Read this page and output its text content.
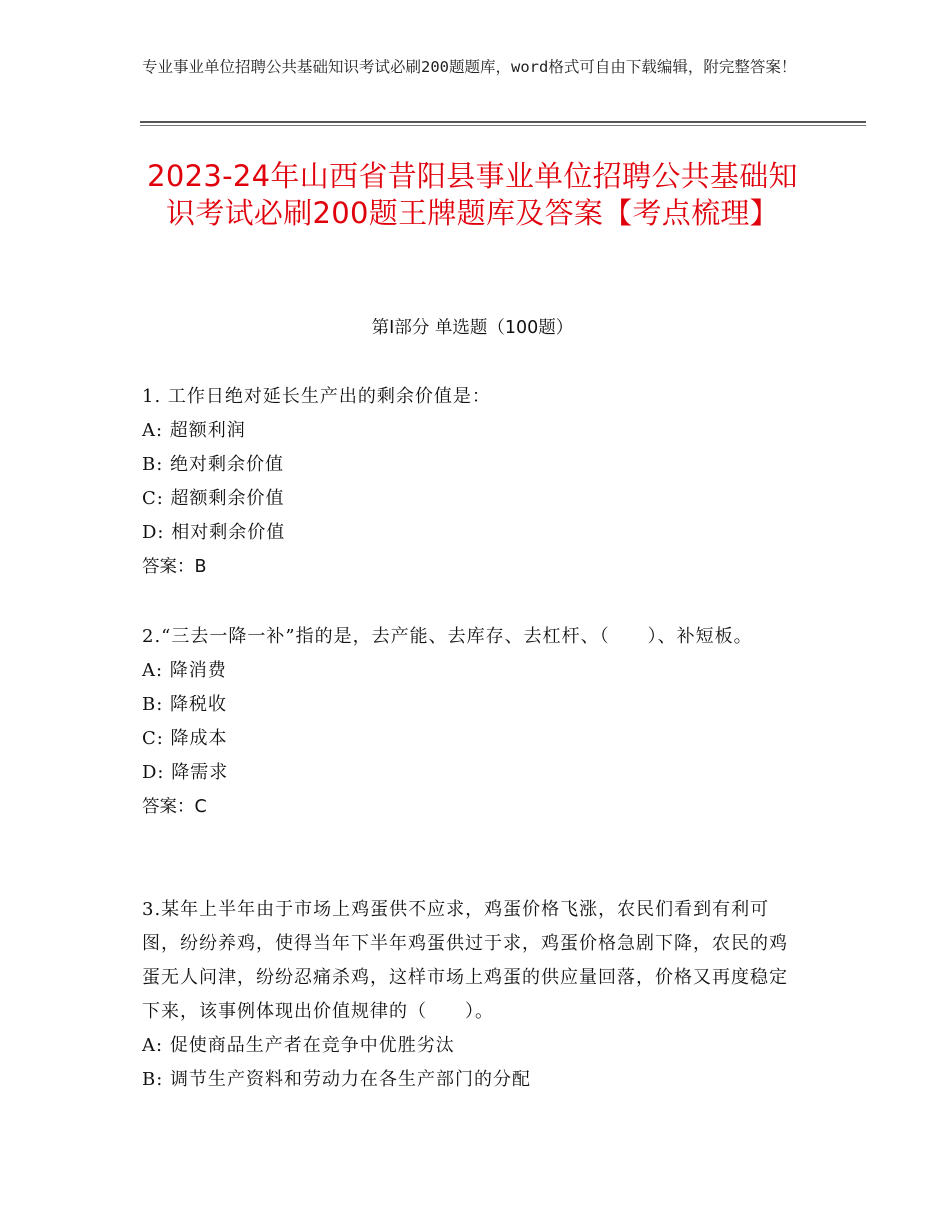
专业事业单位招聘公共基础知识考试必刷200题题库，word格式可自由下载编辑，附完整答案！
2023-24年山西省昔阳县事业单位招聘公共基础知识考试必刷200题王牌题库及答案【考点梳理】
第Ⅰ部分 单选题（100题）
1. 工作日绝对延长生产出的剩余价值是：
A: 超额利润
B: 绝对剩余价值
C: 超额剩余价值
D: 相对剩余价值
答案：B
2.“三去一降一补”指的是，去产能、去库存、去杠杆、（　　）、补短板。
A: 降消费
B: 降税收
C: 降成本
D: 降需求
答案：C
3.某年上半年由于市场上鸡蛋供不应求，鸡蛋价格飞涨，农民们看到有利可图，纷纷养鸡，使得当年下半年鸡蛋供过于求，鸡蛋价格急剧下降，农民的鸡蛋无人问津，纷纷忍痛杀鸡，这样市场上鸡蛋的供应量回落，价格又再度稳定下来，该事例体现出价值规律的（　　）。
A: 促使商品生产者在竞争中优胜劣汰
B: 调节生产资料和劳动力在各生产部门的分配
